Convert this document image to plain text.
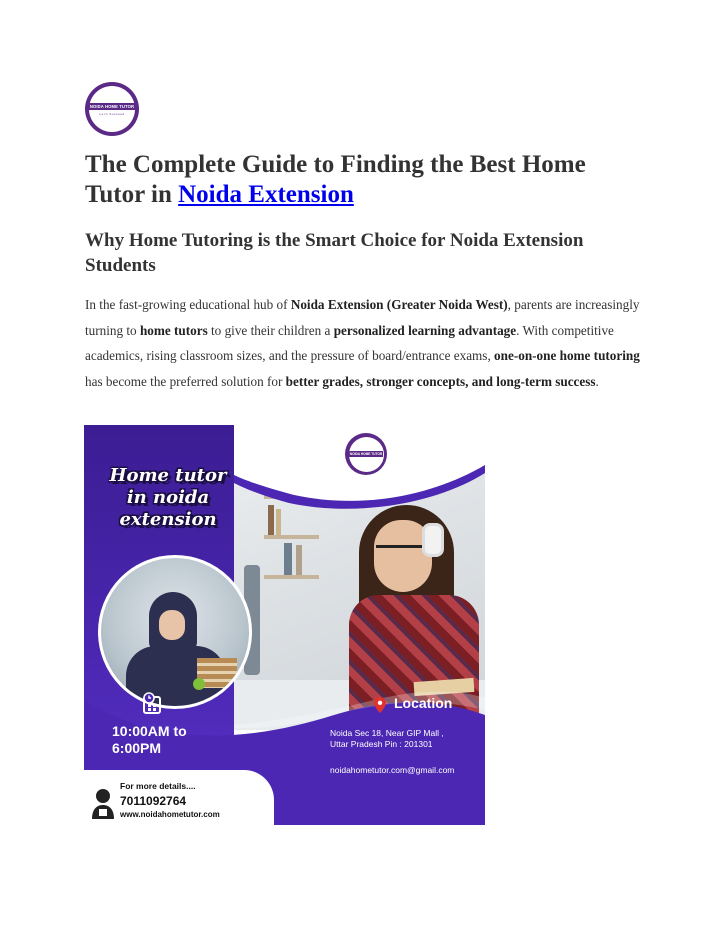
NOIDA HOME TUTOR
Let's Succeed
The Complete Guide to Finding the Best Home Tutor in Noida Extension
Why Home Tutoring is the Smart Choice for Noida Extension Students
In the fast-growing educational hub of Noida Extension (Greater Noida West), parents are increasingly turning to home tutors to give their children a personalized learning advantage. With competitive academics, rising classroom sizes, and the pressure of board/entrance exams, one-on-one home tutoring has become the preferred solution for better grades, stronger concepts, and long-term success.
NOIDA HOME TUTOR
Home tutor
in noida
extension
10:00AM to
6:00PM
Location
Noida Sec 18, Near GIP Mall ,
Uttar Pradesh Pin : 201301
noidahometutor.com@gmail.com
For more details....
7011092764
www.noidahometutor.com
